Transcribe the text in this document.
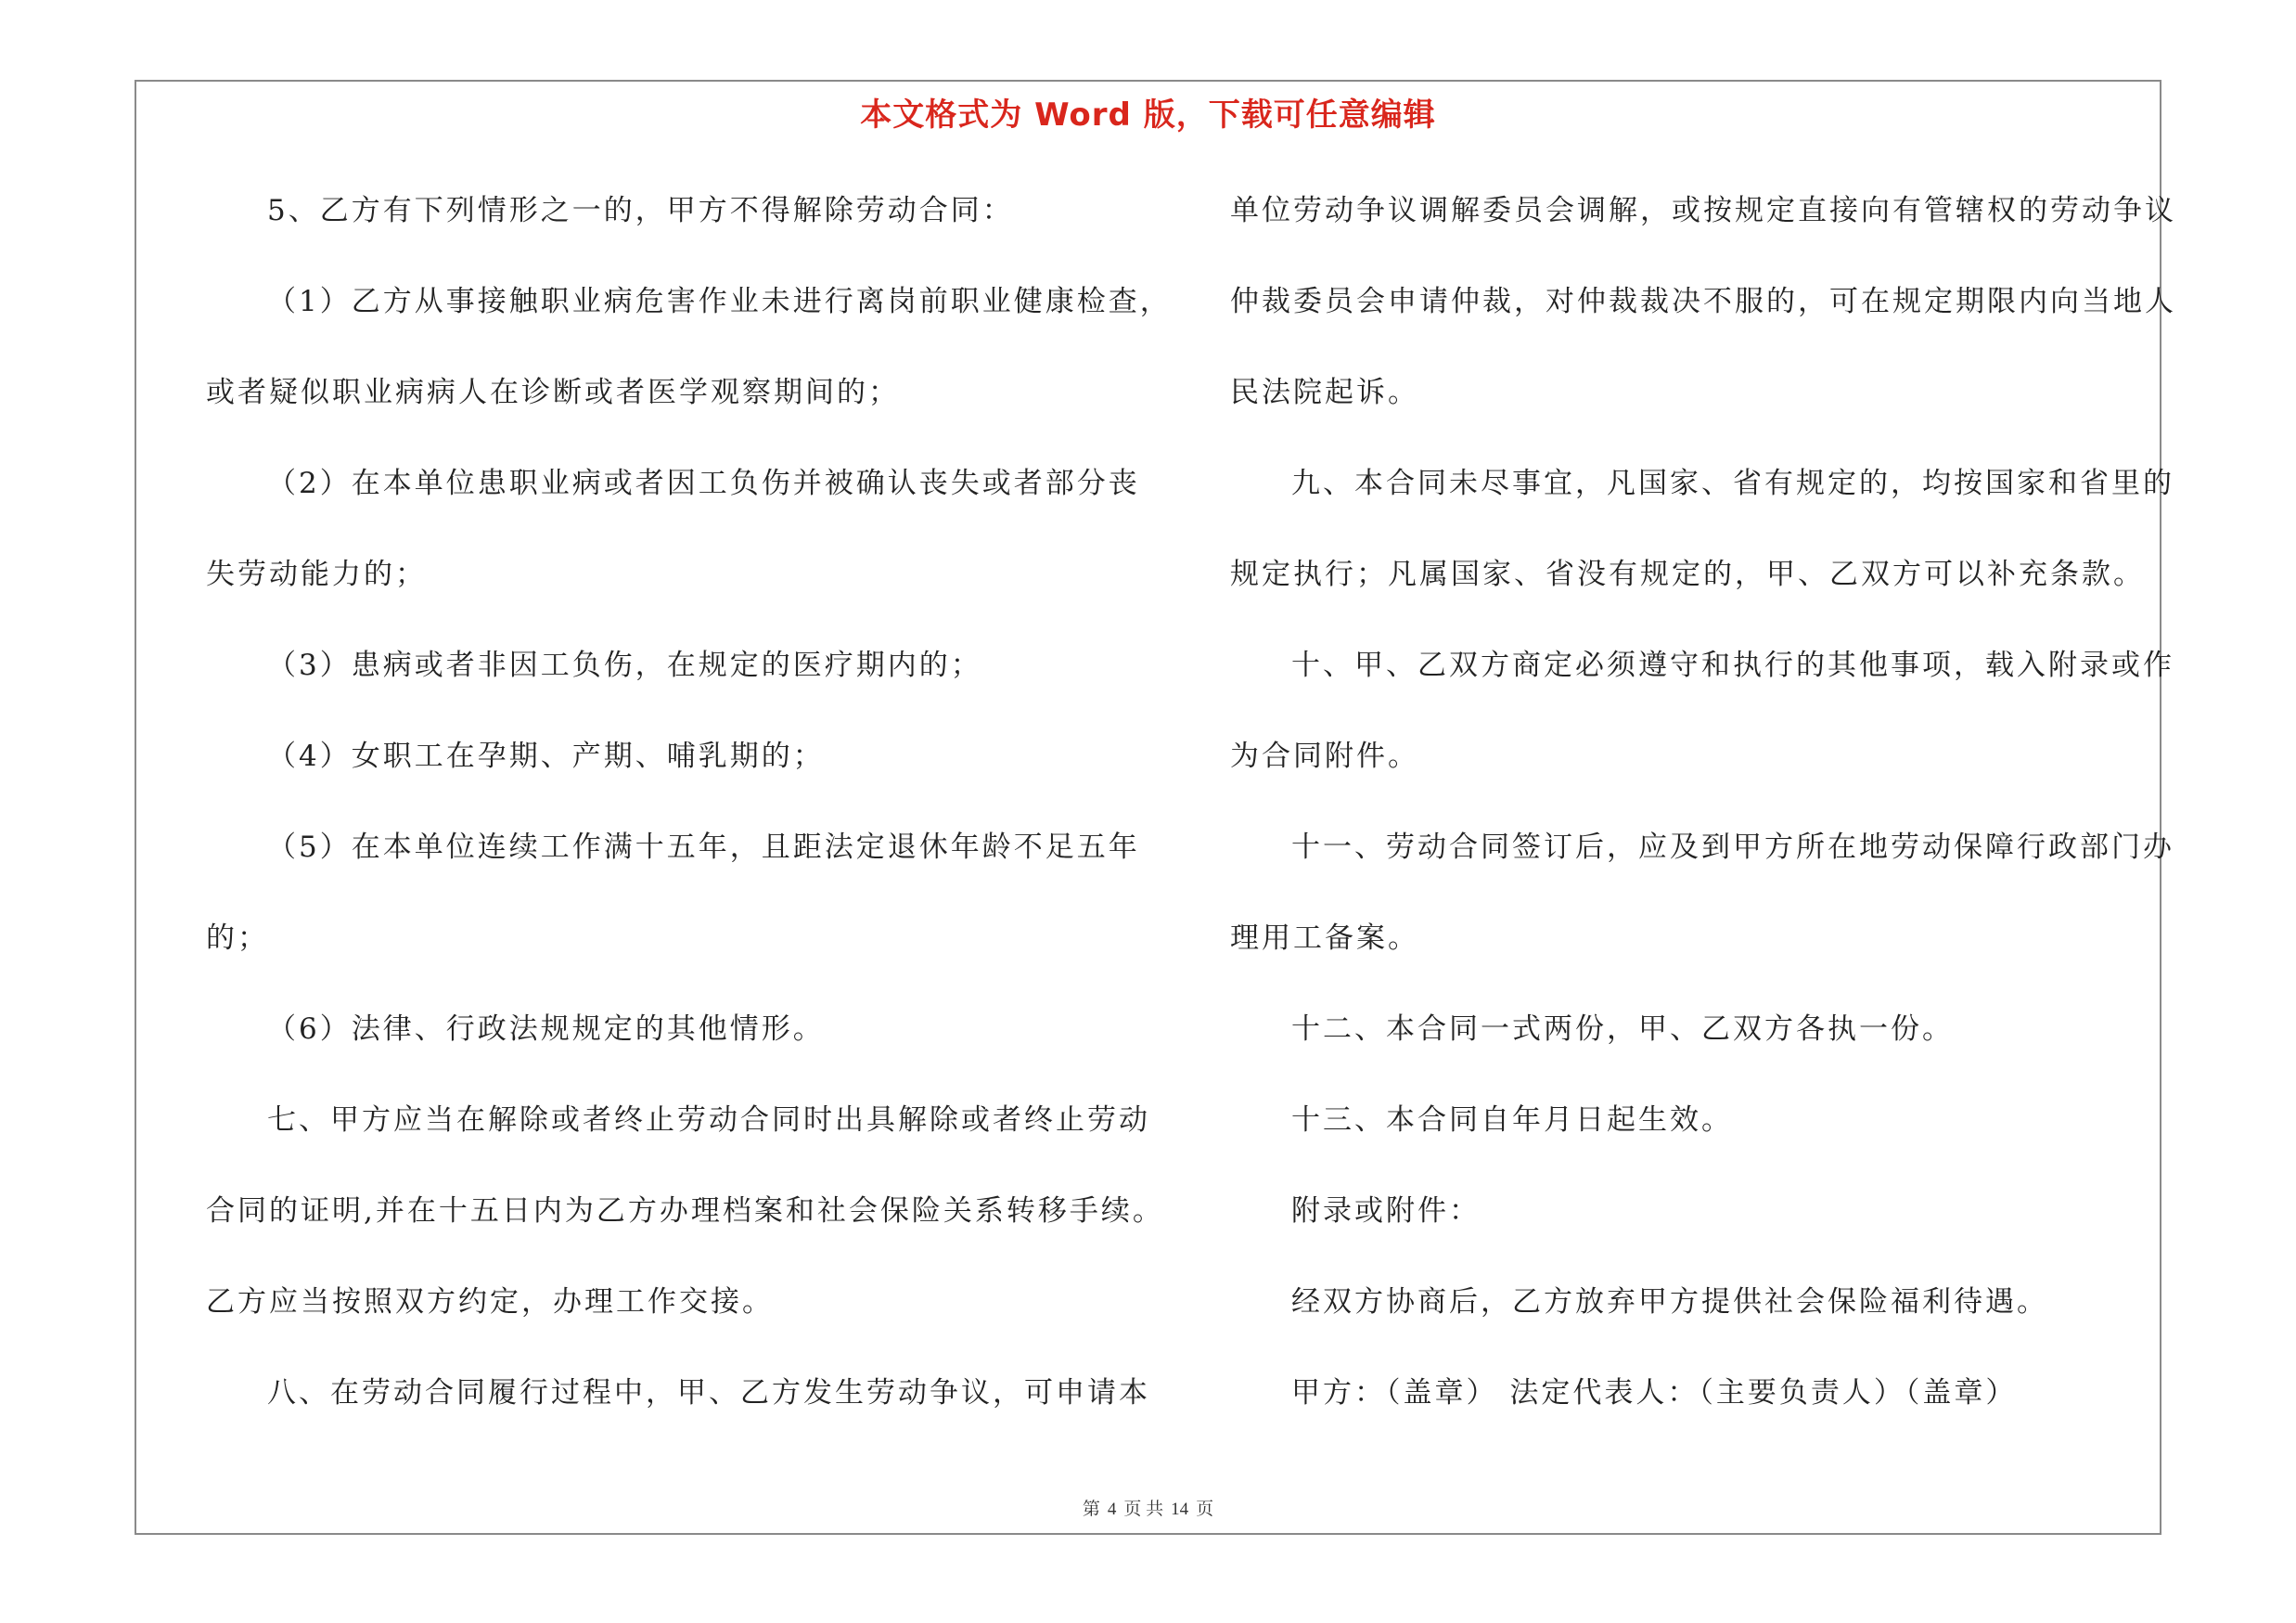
本文格式为 Word 版，下载可任意编辑
5、乙方有下列情形之一的，甲方不得解除劳动合同：
（1）乙方从事接触职业病危害作业未进行离岗前职业健康检查，
或者疑似职业病病人在诊断或者医学观察期间的；
（2）在本单位患职业病或者因工负伤并被确认丧失或者部分丧
失劳动能力的；
（3）患病或者非因工负伤，在规定的医疗期内的；
（4）女职工在孕期、产期、哺乳期的；
（5）在本单位连续工作满十五年，且距法定退休年龄不足五年
的；
（6）法律、行政法规规定的其他情形。
七、甲方应当在解除或者终止劳动合同时出具解除或者终止劳动
合同的证明,并在十五日内为乙方办理档案和社会保险关系转移手续。
乙方应当按照双方约定，办理工作交接。
八、在劳动合同履行过程中，甲、乙方发生劳动争议，可申请本
单位劳动争议调解委员会调解，或按规定直接向有管辖权的劳动争议
仲裁委员会申请仲裁，对仲裁裁决不服的，可在规定期限内向当地人
民法院起诉。
九、本合同未尽事宜，凡国家、省有规定的，均按国家和省里的
规定执行；凡属国家、省没有规定的，甲、乙双方可以补充条款。
十、甲、乙双方商定必须遵守和执行的其他事项，载入附录或作
为合同附件。
十一、劳动合同签订后，应及到甲方所在地劳动保障行政部门办
理用工备案。
十二、本合同一式两份，甲、乙双方各执一份。
十三、本合同自年月日起生效。
附录或附件：
经双方协商后，乙方放弃甲方提供社会保险福利待遇。
甲方：（盖章） 法定代表人：（主要负责人）（盖章）
第 4 页 共 14 页
